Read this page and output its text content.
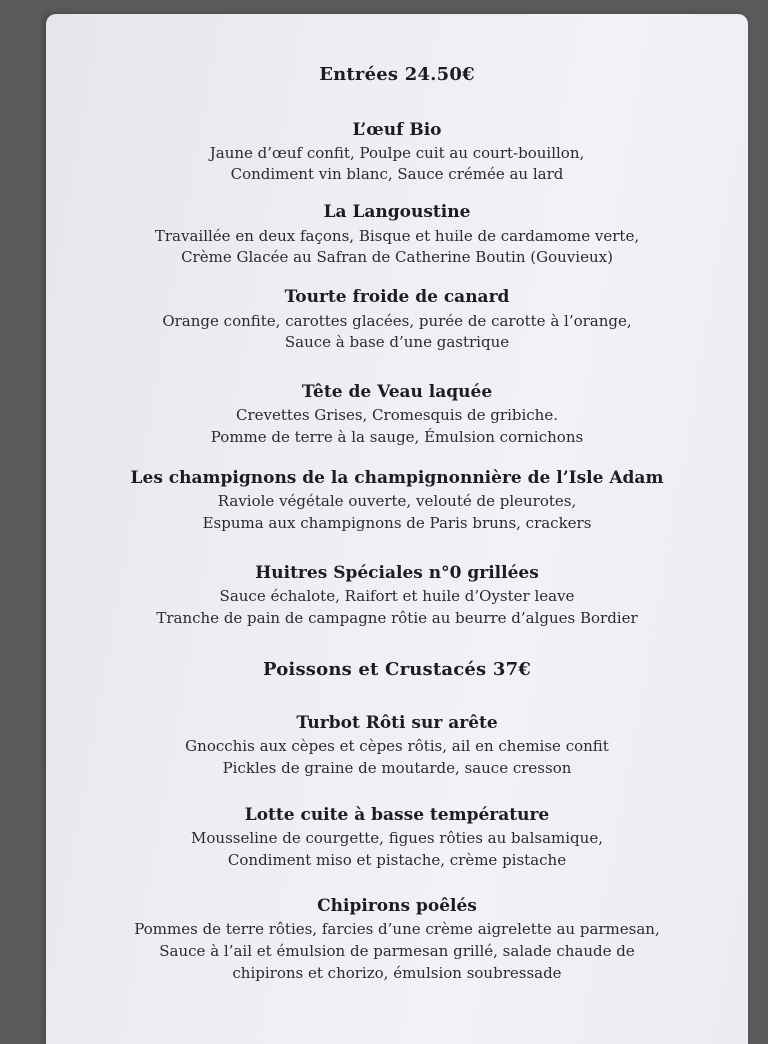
Entrées 24.50€
L’œuf Bio
Jaune d’œuf confit, Poulpe cuit au court-bouillon,
Condiment vin blanc, Sauce crémée au lard
La Langoustine
Travaillée en deux façons, Bisque et huile de cardamome verte,
Crème Glacée au Safran de Catherine Boutin (Gouvieux)
Tourte froide de canard
Orange confite, carottes glacées, purée de carotte à l’orange,
Sauce à base d’une gastrique
Tête de Veau laquée
Crevettes Grises, Cromesquis de gribiche.
Pomme de terre à la sauge, Émulsion cornichons
Les champignons de la champignonnière de l’Isle Adam
Raviole végétale ouverte, velouté de pleurotes,
Espuma aux champignons de Paris bruns, crackers
Huitres Spéciales n°0 grillées
Sauce échalote, Raifort et huile d’Oyster leave
Tranche de pain de campagne rôtie au beurre d’algues Bordier
Poissons et Crustacés 37€
Turbot Rôti sur arête
Gnocchis aux cèpes et cèpes rôtis, ail en chemise confit
Pickles de graine de moutarde, sauce cresson
Lotte cuite à basse température
Mousseline de courgette, figues rôties au balsamique,
Condiment miso et pistache, crème pistache
Chipirons poêlés
Pommes de terre rôties, farcies d’une crème aigrelette au parmesan,
Sauce à l’ail et émulsion de parmesan grillé, salade chaude de
chipirons et chorizo, émulsion soubressade
